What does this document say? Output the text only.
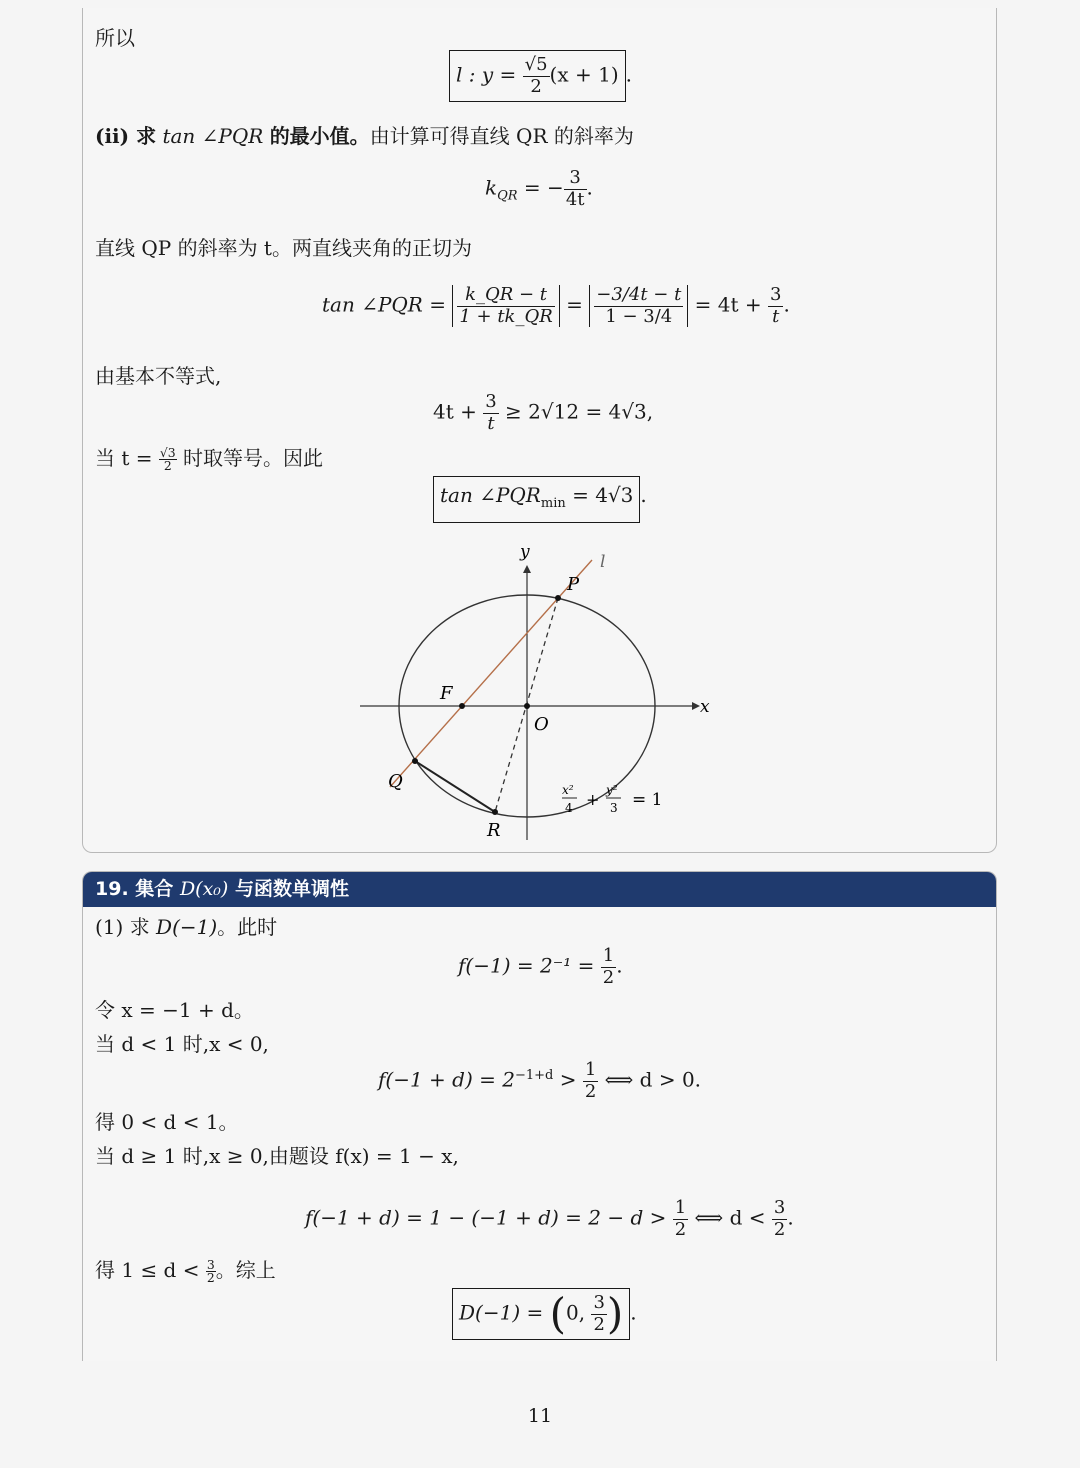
所以
l : $y = \frac{√5}{2} (x + 1)$ .
(ii) 求 tan ∠PQR 的最小值。由计算可得直线 QR 的斜率为
$k_{QR}$ = − $\frac{3}{4t}$ .
直线 QP 的斜率为 t。两直线夹角的正切为
tan ∠PQR = $\frac{k\_QR - t}{1 + tk\_QR} = \frac{-3/4t - t}{1 - 3/4} = 4t + \frac{3}{t}$ .
由基本不等式,
$4t + \frac{3}{t} \ge 2√12 = 4√3$,
当 $t = \frac{√3}{2}$ 时取等号。因此
$\tan \angle PQR_{min} = 4√3$ .
y
x
l
P
F
O
Q
R
x²
4 + y²
3 = 1
19. 集合 D(x₀) 与函数单调性
(1) 求 D(−1)。此时
$f(-1) = 2^{-1} = \frac{1}{2}$ .
令 x = −1 + d。
当 d < 1 时,x < 0,
$f(-1 + d) = 2^{-1+d} > \frac{1}{2}$ ⟺ d > 0.
得 0 < d < 1。
当 d ≥ 1 时,x ≥ 0,由题设 f(x) = 1 − x,
$f(-1 + d) = 1 - (-1 + d) = 2 - d > \frac{1}{2}$ ⟺ $d < \frac{3}{2}$ .
得 $1 \le d < \frac{3}{2}$ 。综上
D(−1) = (0, $\frac{3}{2}$ ) .
11
